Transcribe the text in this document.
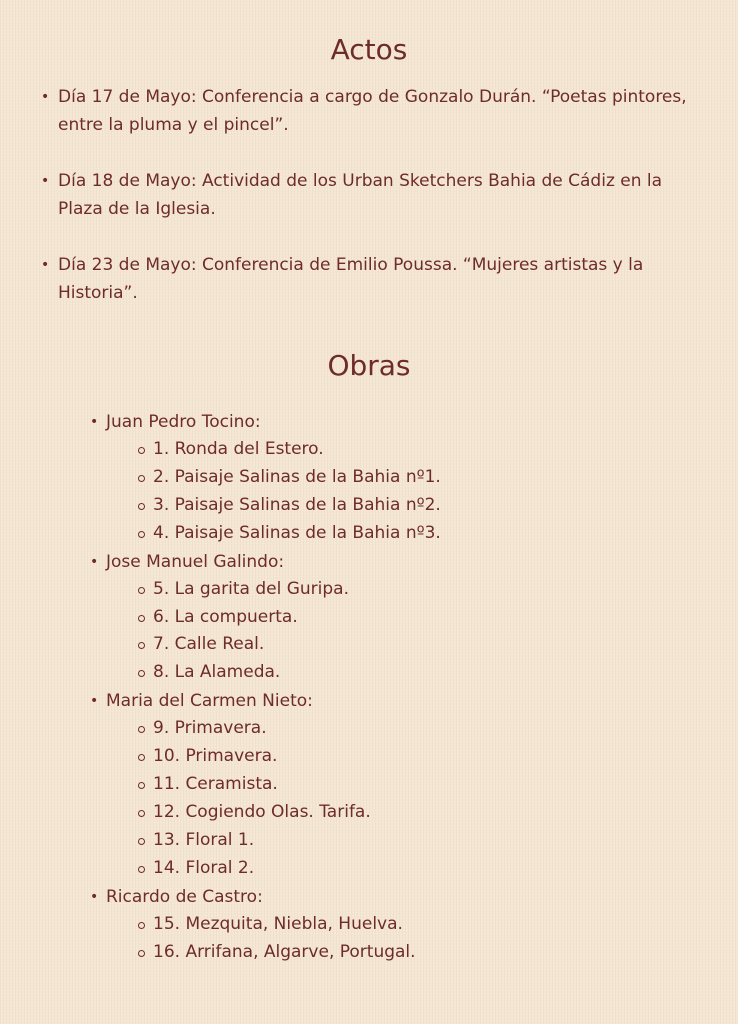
Actos
• Día 17 de Mayo: Conferencia a cargo de Gonzalo Durán. “Poetas pintores, entre la pluma y el pincel”.
• Día 18 de Mayo: Actividad de los Urban Sketchers Bahia de Cádiz en la Plaza de la Iglesia.
• Día 23 de Mayo: Conferencia de Emilio Poussa. “Mujeres artistas y la Historia”.
Obras
• Juan Pedro Tocino:
1. Ronda del Estero.
2. Paisaje Salinas de la Bahia nº1.
3. Paisaje Salinas de la Bahia nº2.
4. Paisaje Salinas de la Bahia nº3.
• Jose Manuel Galindo:
5. La garita del Guripa.
6. La compuerta.
7. Calle Real.
8. La Alameda.
• Maria del Carmen Nieto:
9. Primavera.
10. Primavera.
11. Ceramista.
12. Cogiendo Olas. Tarifa.
13. Floral 1.
14. Floral 2.
• Ricardo de Castro:
15. Mezquita, Niebla, Huelva.
16. Arrifana, Algarve, Portugal.
